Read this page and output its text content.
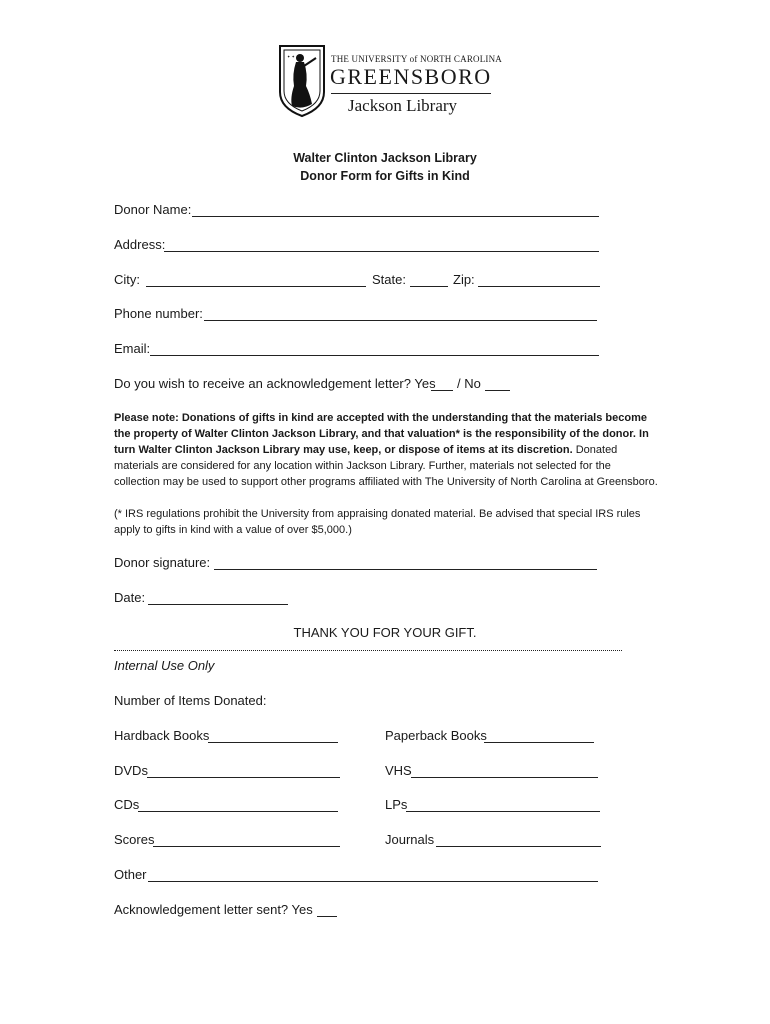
✦ ✦	THE UNIVERSITY of NORTH CAROLINA
GREENSBORO
Jackson Library
Walter Clinton Jackson Library
Donor Form for Gifts in Kind
Donor Name:
Address:
City:	State:	Zip:
Phone number:
Email:
Do you wish to receive an acknowledgement letter? Yes / No
Please note: Donations of gifts in kind are accepted with the understanding that the materials become the property of Walter Clinton Jackson Library, and that valuation* is the responsibility of the donor. In turn Walter Clinton Jackson Library may use, keep, or dispose of items at its discretion. Donated materials are considered for any location within Jackson Library. Further, materials not selected for the collection may be used to support other programs affiliated with The University of North Carolina at Greensboro.
(* IRS regulations prohibit the University from appraising donated material. Be advised that special IRS rules apply to gifts in kind with a value of over $5,000.)
Donor signature:
Date:
THANK YOU FOR YOUR GIFT.
Internal Use Only
Number of Items Donated:
Hardback Books	Paperback Books
DVDs	VHS
CDs	LPs
Scores	Journals
Other
Acknowledgement letter sent? Yes
